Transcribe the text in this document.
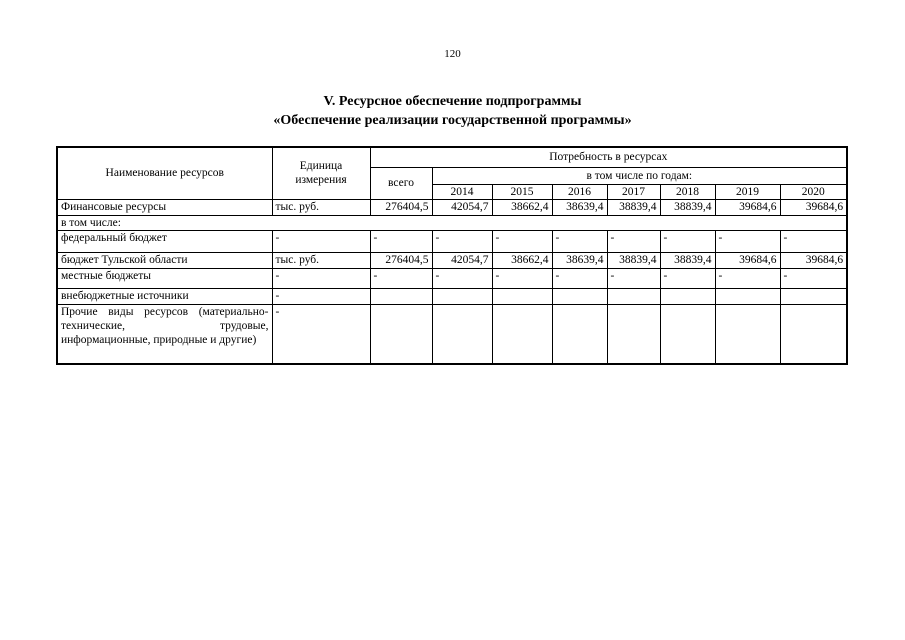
120
V. Ресурсное обеспечение подпрограммы
«Обеспечение реализации государственной программы»
Наименование ресурсов	Единица измерения	Потребность в ресурсах							
		всего	в том числе по годам:						
			2014	2015	2016	2017	2018	2019	2020
Финансовые ресурсы	тыс. руб.	276404,5	42054,7	38662,4	38639,4	38839,4	38839,4	39684,6	39684,6
в том числе:									
федеральный бюджет	-	-	-	-	-	-	-	-	-
бюджет Тульской области	тыс. руб.	276404,5	42054,7	38662,4	38639,4	38839,4	38839,4	39684,6	39684,6
местные бюджеты	-	-	-	-	-	-	-	-	-
внебюджетные источники	-								
Прочие виды ресурсов (материально-технические, трудовые, информационные, природные и другие)	-								
